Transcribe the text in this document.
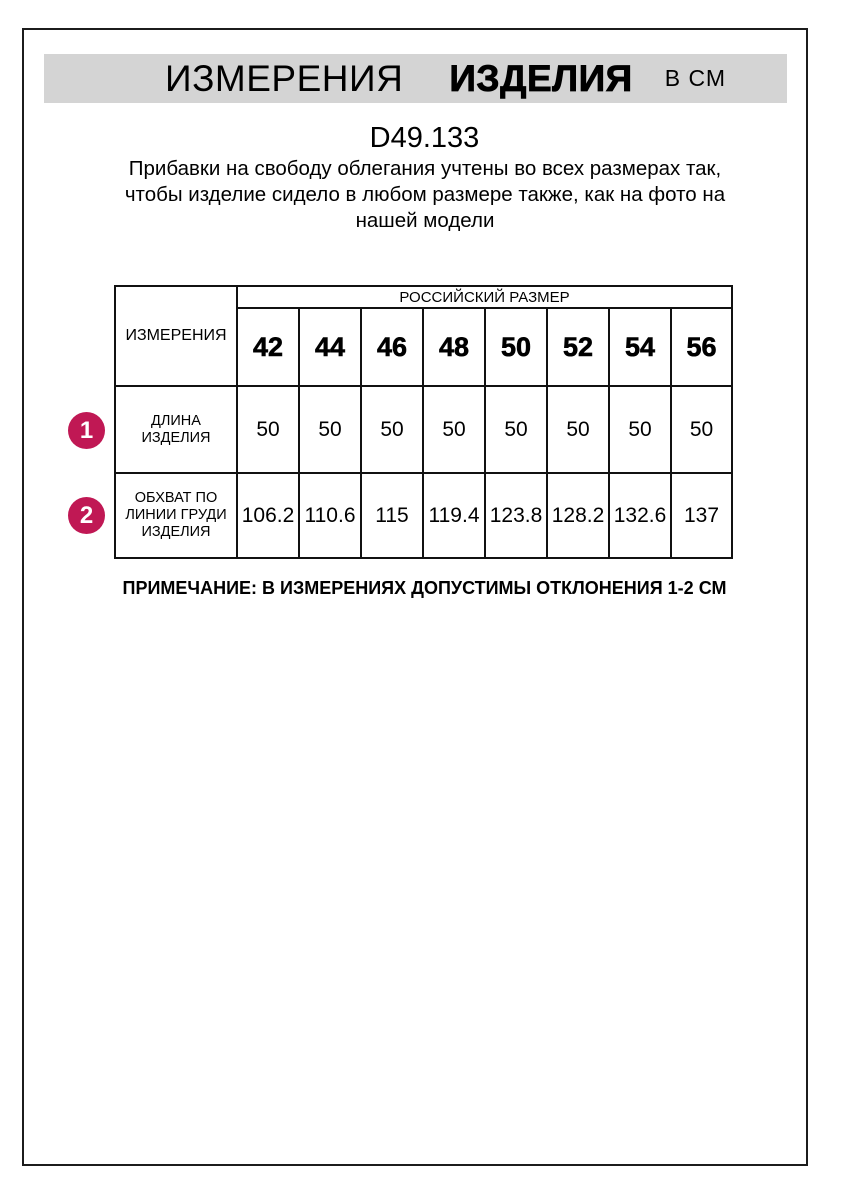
ИЗМЕРЕНИЯ ИЗДЕЛИЯ В СМ
D49.133
Прибавки на свободу облегания учтены во всех размерах так, чтобы изделие сидело в любом размере также, как на фото на нашей модели
ИЗМЕРЕНИЯ	РОССИЙСКИЙ РАЗМЕР							
	42	44	46	48	50	52	54	56
ДЛИНА ИЗДЕЛИЯ	50	50	50	50	50	50	50	50
ОБХВАТ ПО ЛИНИИ ГРУДИ ИЗДЕЛИЯ	106.2	110.6	115	119.4	123.8	128.2	132.6	137
1
2
ПРИМЕЧАНИЕ: В ИЗМЕРЕНИЯХ ДОПУСТИМЫ ОТКЛОНЕНИЯ 1-2 СМ
